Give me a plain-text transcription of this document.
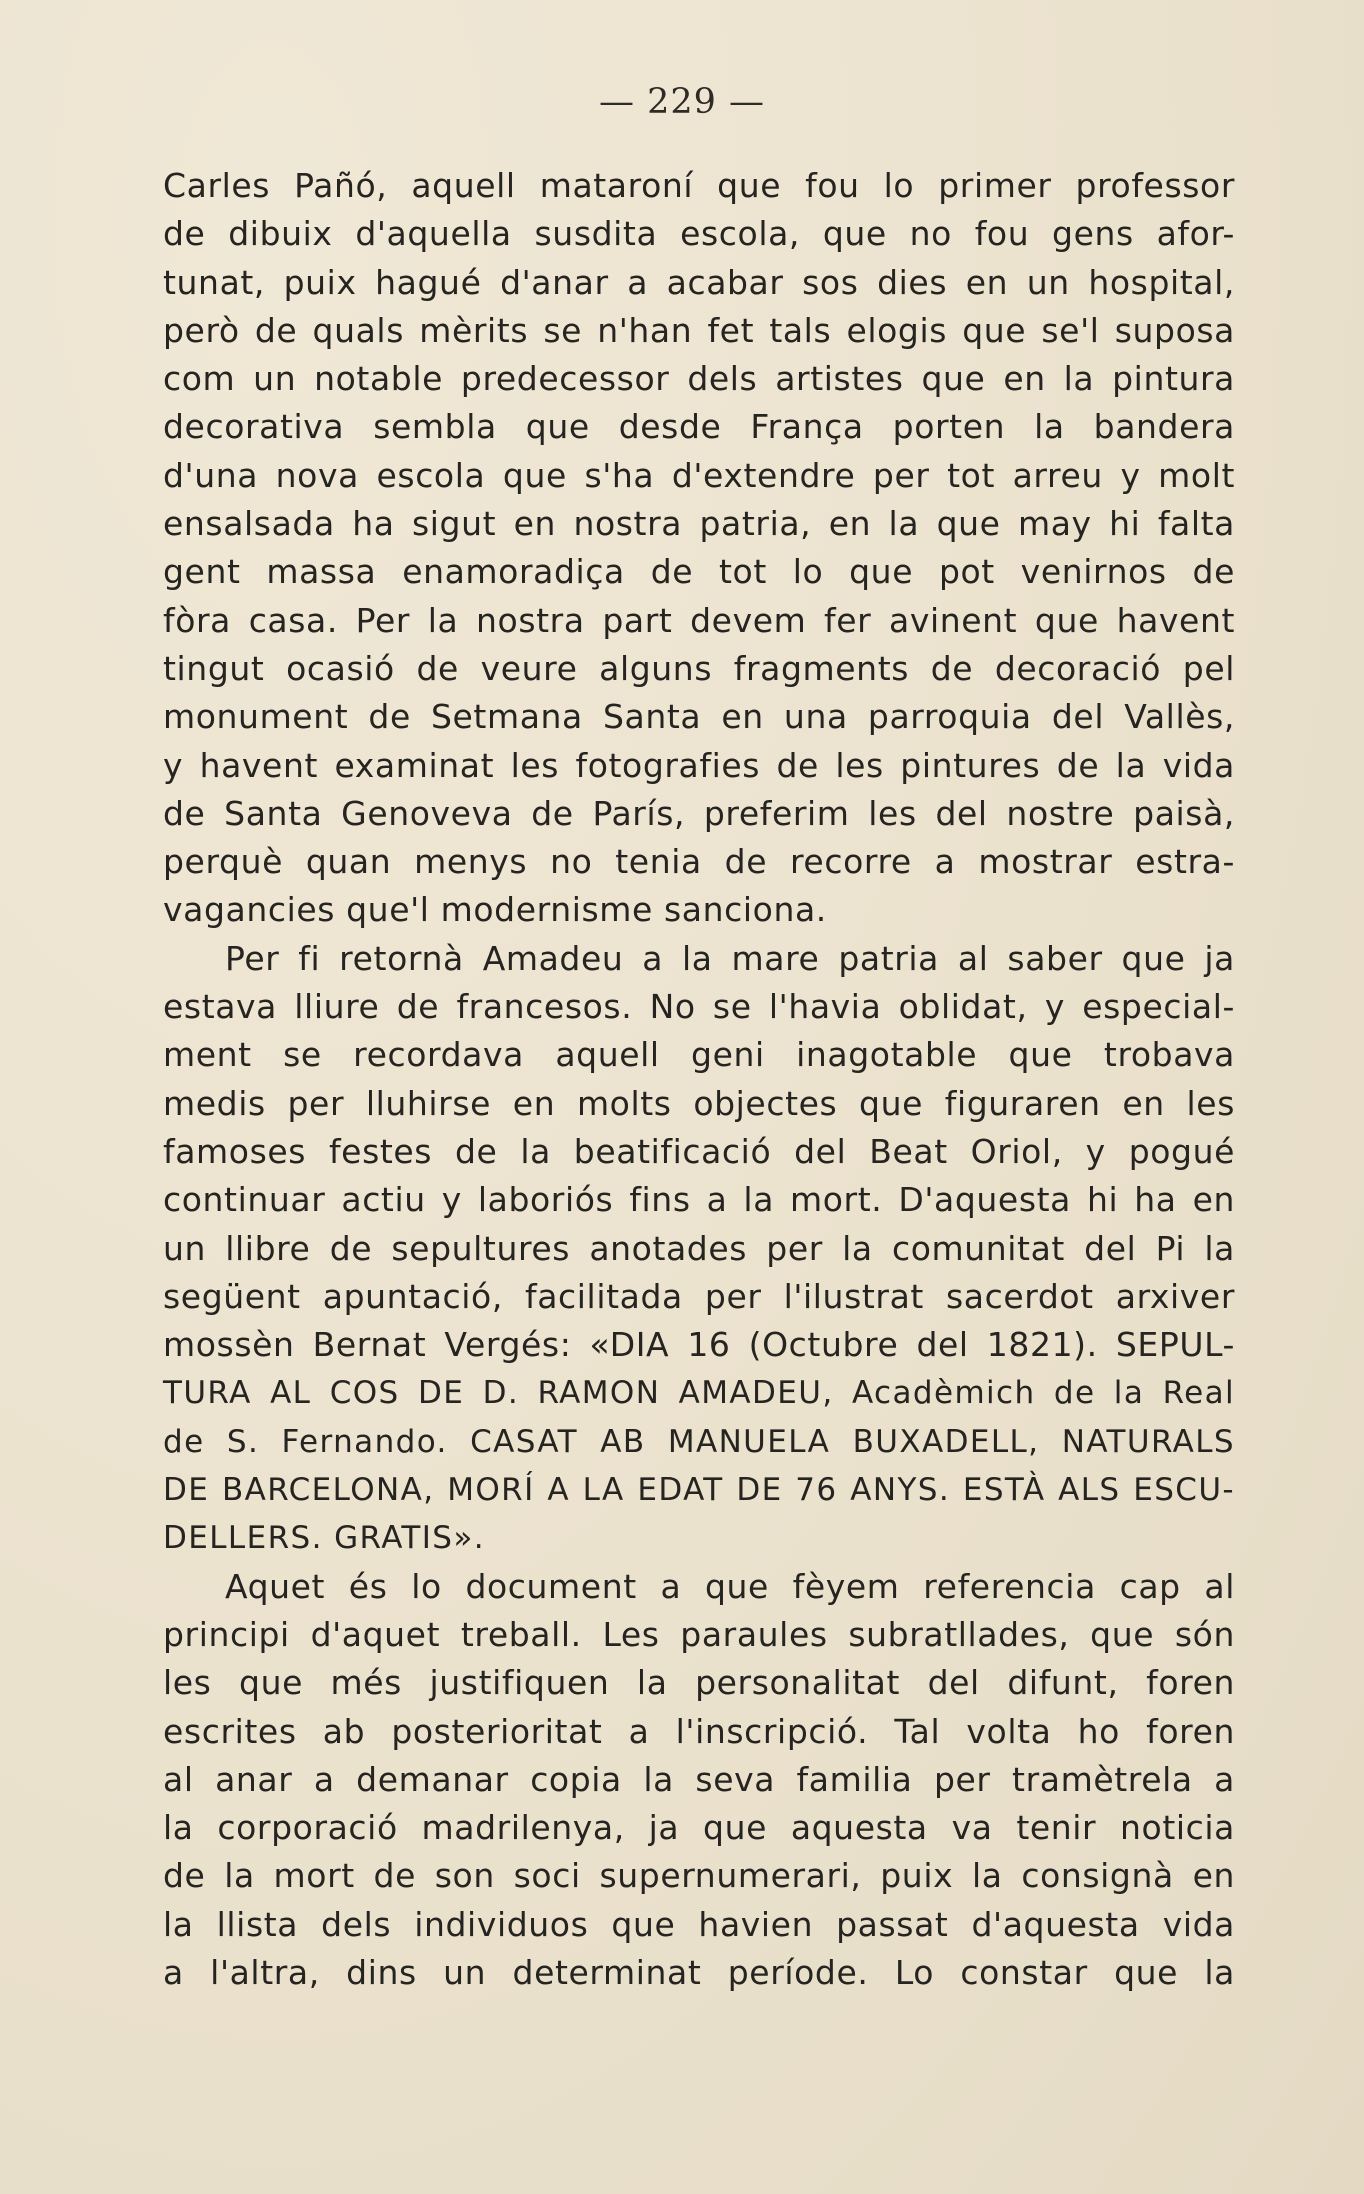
— 229 —
Carles Pañó, aquell mataroní que fou lo primer professor
de dibuix d'aquella susdita escola, que no fou gens afor-
tunat, puix hagué d'anar a acabar sos dies en un hospital,
però de quals mèrits se n'han fet tals elogis que se'l suposa
com un notable predecessor dels artistes que en la pintura
decorativa sembla que desde França porten la bandera
d'una nova escola que s'ha d'extendre per tot arreu y molt
ensalsada ha sigut en nostra patria, en la que may hi falta
gent massa enamoradiça de tot lo que pot venirnos de
fòra casa. Per la nostra part devem fer avinent que havent
tingut ocasió de veure alguns fragments de decoració pel
monument de Setmana Santa en una parroquia del Vallès,
y havent examinat les fotografies de les pintures de la vida
de Santa Genoveva de París, preferim les del nostre paisà,
perquè quan menys no tenia de recorre a mostrar estra-
vagancies que'l modernisme sanciona.
Per fi retornà Amadeu a la mare patria al saber que ja
estava lliure de francesos. No se l'havia oblidat, y especial-
ment se recordava aquell geni inagotable que trobava
medis per lluhirse en molts objectes que figuraren en les
famoses festes de la beatificació del Beat Oriol, y pogué
continuar actiu y laboriós fins a la mort. D'aquesta hi ha en
un llibre de sepultures anotades per la comunitat del Pi la
següent apuntació, facilitada per l'ilustrat sacerdot arxiver
mossèn Bernat Vergés: «DIA 16 (Octubre del 1821). SEPUL-
TURA AL COS DE D. RAMON AMADEU, Acadèmich de la Real
de S. Fernando. CASAT AB MANUELA BUXADELL, NATURALS
DE BARCELONA, MORÍ A LA EDAT DE 76 ANYS. ESTÀ ALS ESCU-
DELLERS. GRATIS».
Aquet és lo document a que fèyem referencia cap al
principi d'aquet treball. Les paraules subratllades, que són
les que més justifiquen la personalitat del difunt, foren
escrites ab posterioritat a l'inscripció. Tal volta ho foren
al anar a demanar copia la seva familia per tramètrela a
la corporació madrilenya, ja que aquesta va tenir noticia
de la mort de son soci supernumerari, puix la consignà en
la llista dels individuos que havien passat d'aquesta vida
a l'altra, dins un determinat període. Lo constar que la
